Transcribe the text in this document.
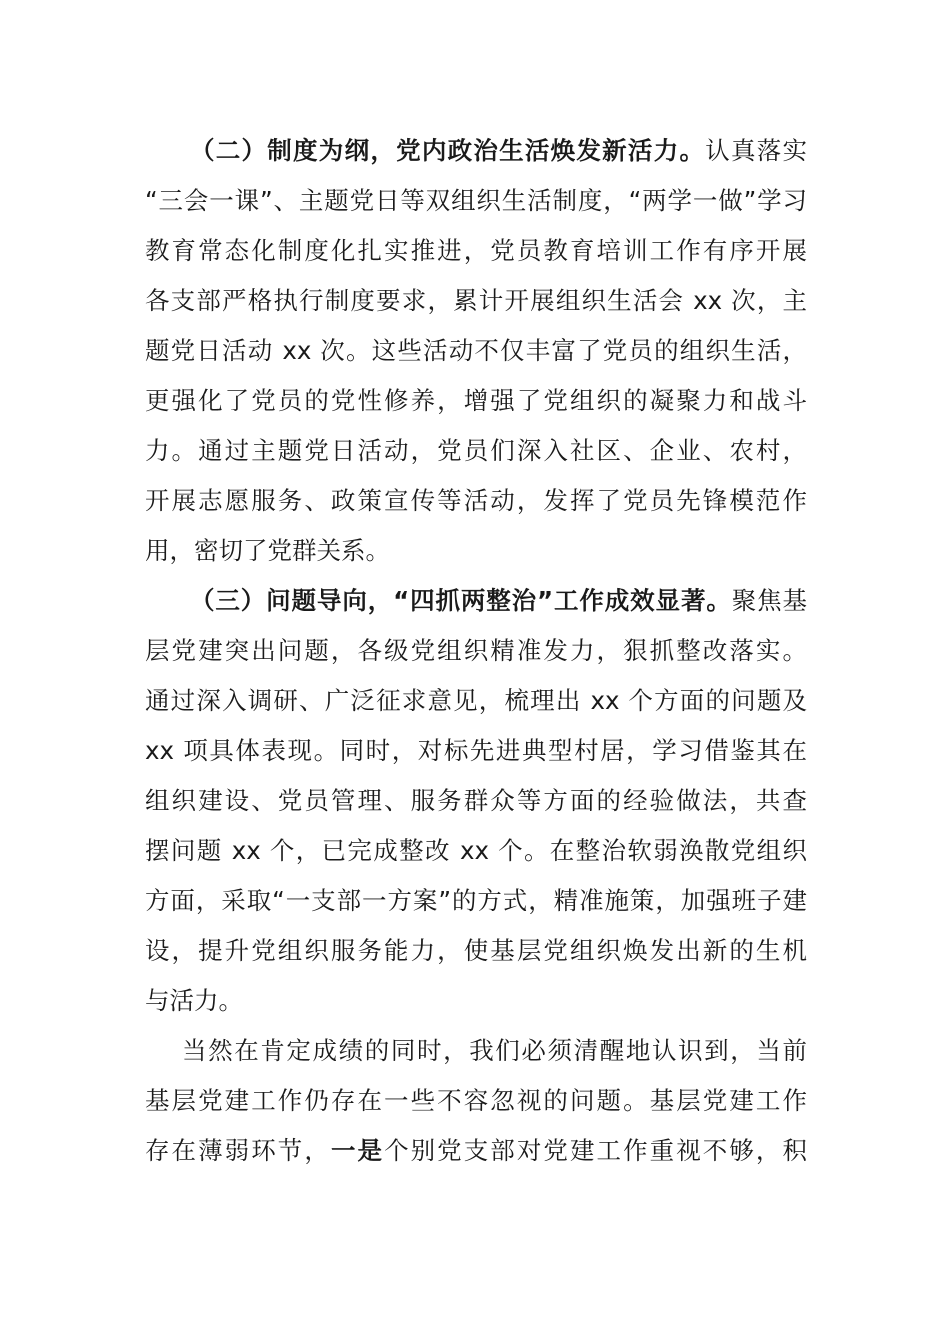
（二）制度为纲，党内政治生活焕发新活力。认真落实
“三会一课”、主题党日等双组织生活制度，“两学一做”学习
教育常态化制度化扎实推进，党员教育培训工作有序开展
各支部严格执行制度要求，累计开展组织生活会 xx 次，主
题党日活动 xx 次。这些活动不仅丰富了党员的组织生活，
更强化了党员的党性修养，增强了党组织的凝聚力和战斗
力。通过主题党日活动，党员们深入社区、企业、农村，
开展志愿服务、政策宣传等活动，发挥了党员先锋模范作
用，密切了党群关系。
（三）问题导向，“四抓两整治”工作成效显著。聚焦基
层党建突出问题，各级党组织精准发力，狠抓整改落实。
通过深入调研、广泛征求意见，梳理出 xx 个方面的问题及
xx 项具体表现。同时，对标先进典型村居，学习借鉴其在
组织建设、党员管理、服务群众等方面的经验做法，共查
摆问题 xx 个，已完成整改 xx 个。在整治软弱涣散党组织
方面，采取“一支部一方案”的方式，精准施策，加强班子建
设，提升党组织服务能力，使基层党组织焕发出新的生机
与活力。
当然在肯定成绩的同时，我们必须清醒地认识到，当前
基层党建工作仍存在一些不容忽视的问题。基层党建工作
存在薄弱环节，一是个别党支部对党建工作重视不够，积
